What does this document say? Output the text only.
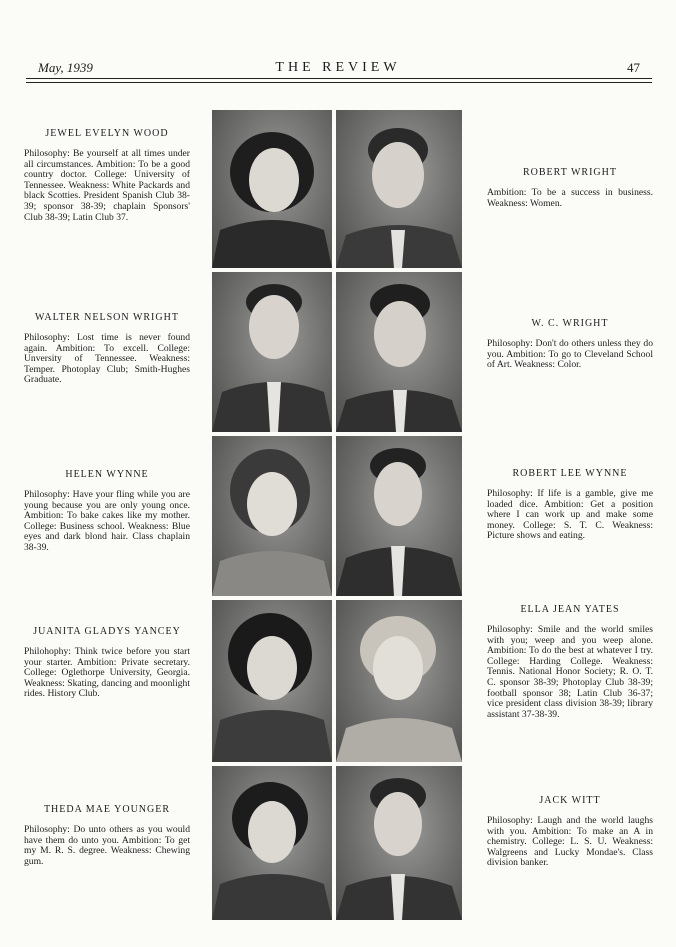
May, 1939	THE REVIEW	47
JEWEL EVELYN WOOD
Philosophy: Be yourself at all times under all circumstances. Ambition: To be a good country doctor. College: University of Tennessee. Weakness: White Packards and black Scotties. President Spanish Club 38-39; sponsor 38-39; chaplain Sponsors' Club 38-39; Latin Club 37.
ROBERT WRIGHT
Ambition: To be a success in business. Weakness: Women.
WALTER NELSON WRIGHT
Philosophy: Lost time is never found again. Ambition: To excell. College: Unversity of Tennessee. Weakness: Temper. Photoplay Club; Smith-Hughes Graduate.
W. C. WRIGHT
Philosophy: Don't do others unless they do you. Ambition: To go to Cleveland School of Art. Weakness: Color.
HELEN WYNNE
Philosophy: Have your fling while you are young because you are only young once. Ambition: To bake cakes like my mother. College: Business school. Weakness: Blue eyes and dark blond hair. Class chaplain 38-39.
ROBERT LEE WYNNE
Philosophy: If life is a gamble, give me loaded dice. Ambition: Get a position where I can work up and make some money. College: S. T. C. Weakness: Picture shows and eating.
JUANITA GLADYS YANCEY
Philohophy: Think twice before you start your starter. Ambition: Private secretary. College: Oglethorpe University, Georgia. Weakness: Skating, dancing and moonlight rides. History Club.
ELLA JEAN YATES
Philosophy: Smile and the world smiles with you; weep and you weep alone. Ambition: To do the best at whatever I try. College: Harding College. Weakness: Tennis. National Honor Society; R. O. T. C. sponsor 38-39; Photoplay Club 38-39; football sponsor 38; Latin Club 36-37; vice president class division 38-39; library assistant 37-38-39.
THEDA MAE YOUNGER
Philosophy: Do unto others as you would have them do unto you. Ambition: To get my M. R. S. degree. Weakness: Chewing gum.
JACK WITT
Philosophy: Laugh and the world laughs with you. Ambition: To make an A in chemistry. College: L. S. U. Weakness: Walgreens and Lucky Mondae's. Class division banker.
